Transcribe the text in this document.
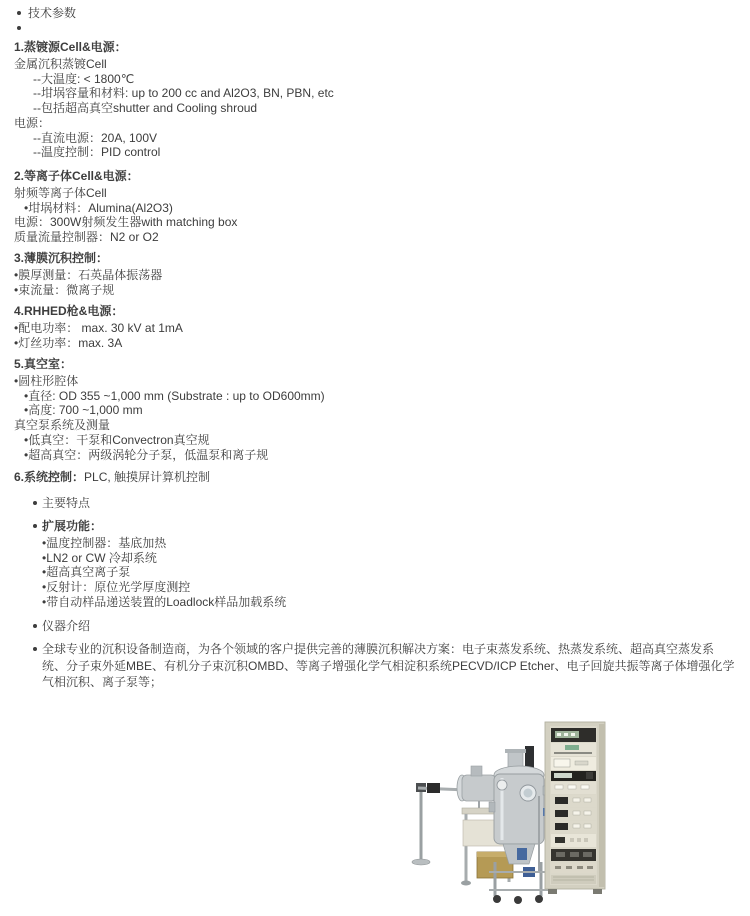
技术参数
1.蒸镀源Cell&电源：
金属沉积蒸镀Cell
--大温度: < 1800℃
--坩埚容量和材料: up to 200 cc and Al2O3, BN, PBN, etc
--包括超高真空shutter and Cooling shroud
电源：
--直流电源：20A, 100V
--温度控制：PID control
2.等离子体Cell&电源：
射频等离子体Cell
•坩埚材料：Alumina(Al2O3)
电源：300W射频发生器with matching box
质量流量控制器：N2 or O2
3.薄膜沉积控制：
•膜厚测量：石英晶体振荡器
•束流量：微离子规
4.RHHED枪&电源：
•配电功率： max. 30 kV at 1mA
•灯丝功率：max. 3A
5.真空室：
•圆柱形腔体
•直径: OD 355 ~1,000 mm (Substrate : up to OD600mm)
•高度: 700 ~1,000 mm
真空泵系统及测量
•低真空：干泵和Convectron真空规
•超高真空：两级涡轮分子泵，低温泵和离子规
6.系统控制：PLC, 触摸屏计算机控制
主要特点
扩展功能：
•温度控制器：基底加热
•LN2 or CW 冷却系统
•超高真空离子泵
•反射计：原位光学厚度测控
•带自动样品递送装置的Loadlock样品加载系统
仪器介绍
全球专业的沉积设备制造商，为各个领域的客户提供完善的薄膜沉积解决方案：电子束蒸发系统、热蒸发系统、超高真空蒸发系统、分子束外延MBE、有机分子束沉积OMBD、等离子增强化学气相淀积系统PECVD/ICP Etcher、电子回旋共振等离子体增强化学气相沉积、离子泵等；
